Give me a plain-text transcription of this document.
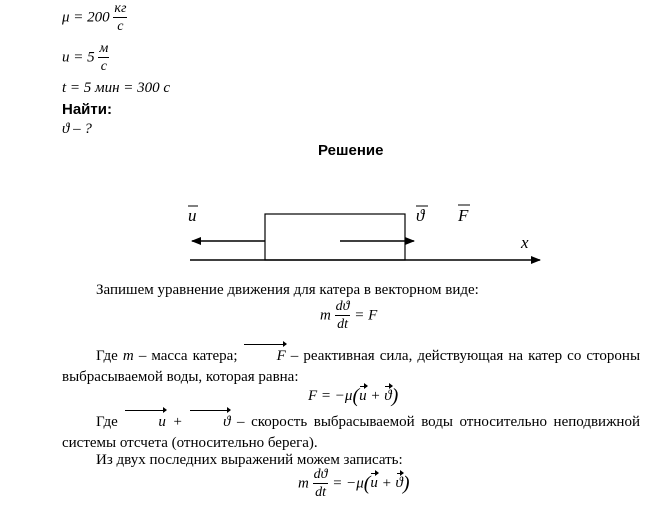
$\mu = 200 \frac{кг}{с}$
$u = 5 \frac{м}{с}$
t = 5 мин = 300 с
Найти:
ϑ – ?
Решение
u	ϑ F
x
Запишем уравнение движения для катера в векторном виде:
m $\frac{dϑ}{dt} = F$
Где m – масса катера;	F – реактивная сила, действующая на катер со стороны выбрасываемой воды, которая равна:
F = −μ(u + ϑ)
Где	u +	ϑ – скорость выбрасываемой воды относительно неподвижной системы отсчета (относительно берега).
Из двух последних выражений можем записать:
m $\frac{dϑ}{dt} = -\mu(u + ϑ)$
